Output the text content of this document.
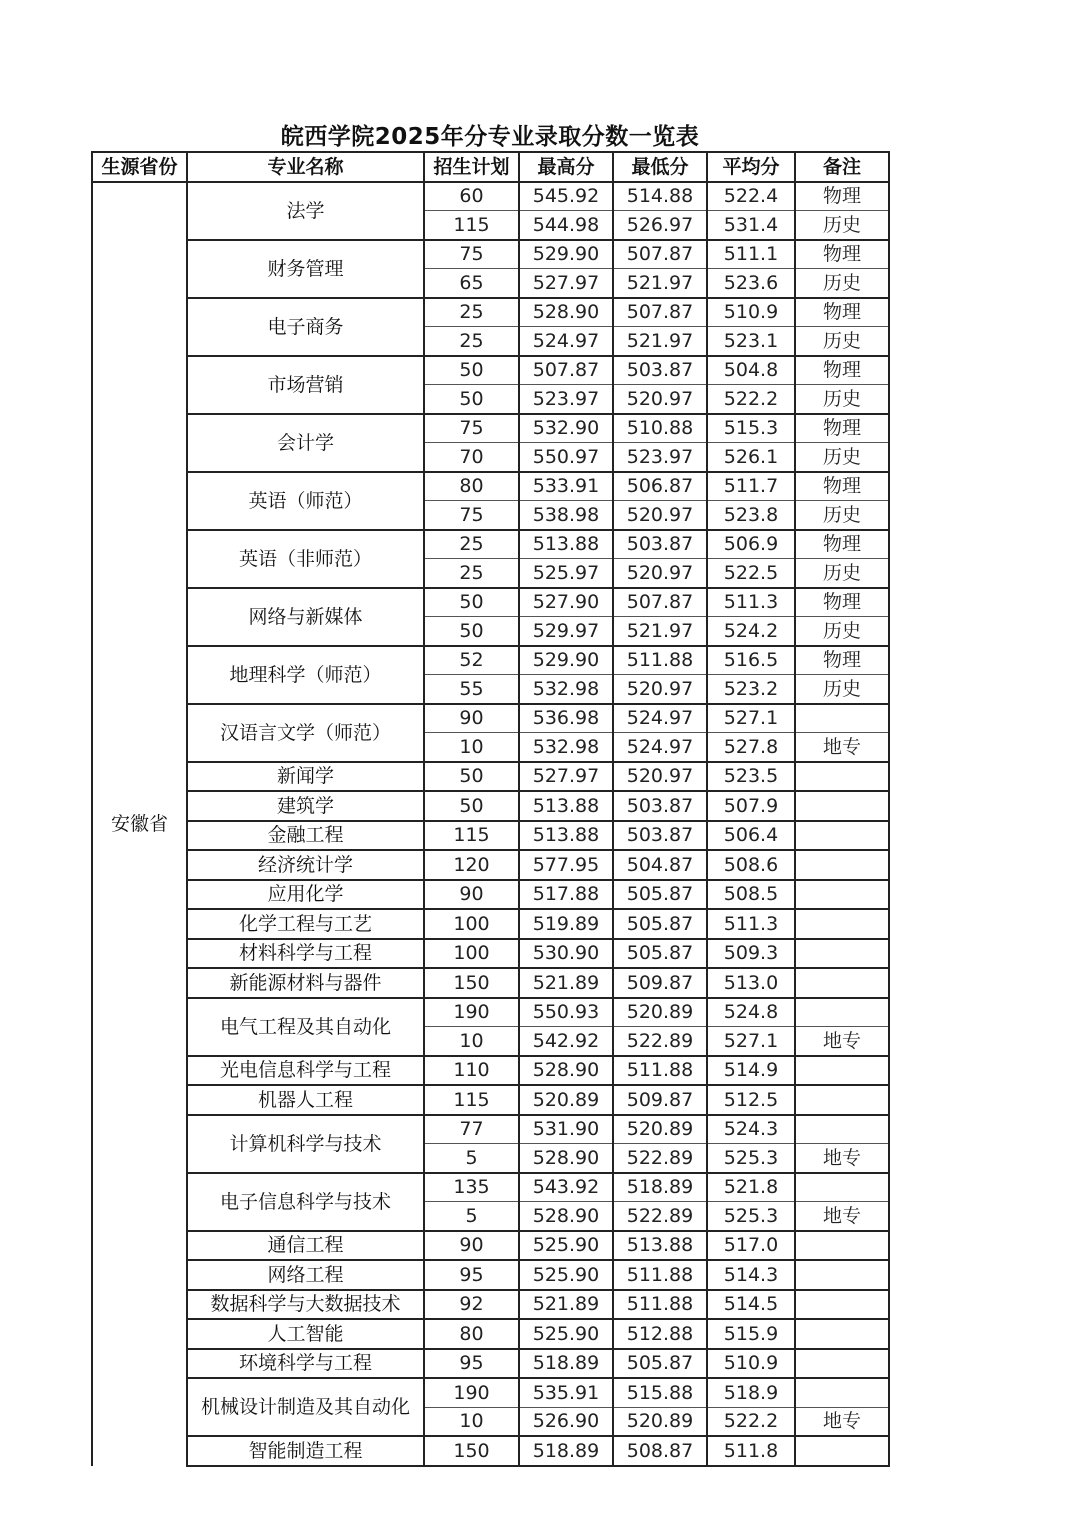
皖西学院2025年分专业录取分数一览表
生源省份	专业名称	招生计划	最高分	最低分	平均分	备注
安徽省	法学	60	545.92	514.88	522.4	物理
		115	544.98	526.97	531.4	历史
	财务管理	75	529.90	507.87	511.1	物理
		65	527.97	521.97	523.6	历史
	电子商务	25	528.90	507.87	510.9	物理
		25	524.97	521.97	523.1	历史
	市场营销	50	507.87	503.87	504.8	物理
		50	523.97	520.97	522.2	历史
	会计学	75	532.90	510.88	515.3	物理
		70	550.97	523.97	526.1	历史
	英语（师范）	80	533.91	506.87	511.7	物理
		75	538.98	520.97	523.8	历史
	英语（非师范）	25	513.88	503.87	506.9	物理
		25	525.97	520.97	522.5	历史
	网络与新媒体	50	527.90	507.87	511.3	物理
		50	529.97	521.97	524.2	历史
	地理科学（师范）	52	529.90	511.88	516.5	物理
		55	532.98	520.97	523.2	历史
	汉语言文学（师范）	90	536.98	524.97	527.1	
		10	532.98	524.97	527.8	地专
	新闻学	50	527.97	520.97	523.5	
	建筑学	50	513.88	503.87	507.9	
	金融工程	115	513.88	503.87	506.4	
	经济统计学	120	577.95	504.87	508.6	
	应用化学	90	517.88	505.87	508.5	
	化学工程与工艺	100	519.89	505.87	511.3	
	材料科学与工程	100	530.90	505.87	509.3	
	新能源材料与器件	150	521.89	509.87	513.0	
	电气工程及其自动化	190	550.93	520.89	524.8	
		10	542.92	522.89	527.1	地专
	光电信息科学与工程	110	528.90	511.88	514.9	
	机器人工程	115	520.89	509.87	512.5	
	计算机科学与技术	77	531.90	520.89	524.3	
		5	528.90	522.89	525.3	地专
	电子信息科学与技术	135	543.92	518.89	521.8	
		5	528.90	522.89	525.3	地专
	通信工程	90	525.90	513.88	517.0	
	网络工程	95	525.90	511.88	514.3	
	数据科学与大数据技术	92	521.89	511.88	514.5	
	人工智能	80	525.90	512.88	515.9	
	环境科学与工程	95	518.89	505.87	510.9	
	机械设计制造及其自动化	190	535.91	515.88	518.9	
		10	526.90	520.89	522.2	地专
	智能制造工程	150	518.89	508.87	511.8	
